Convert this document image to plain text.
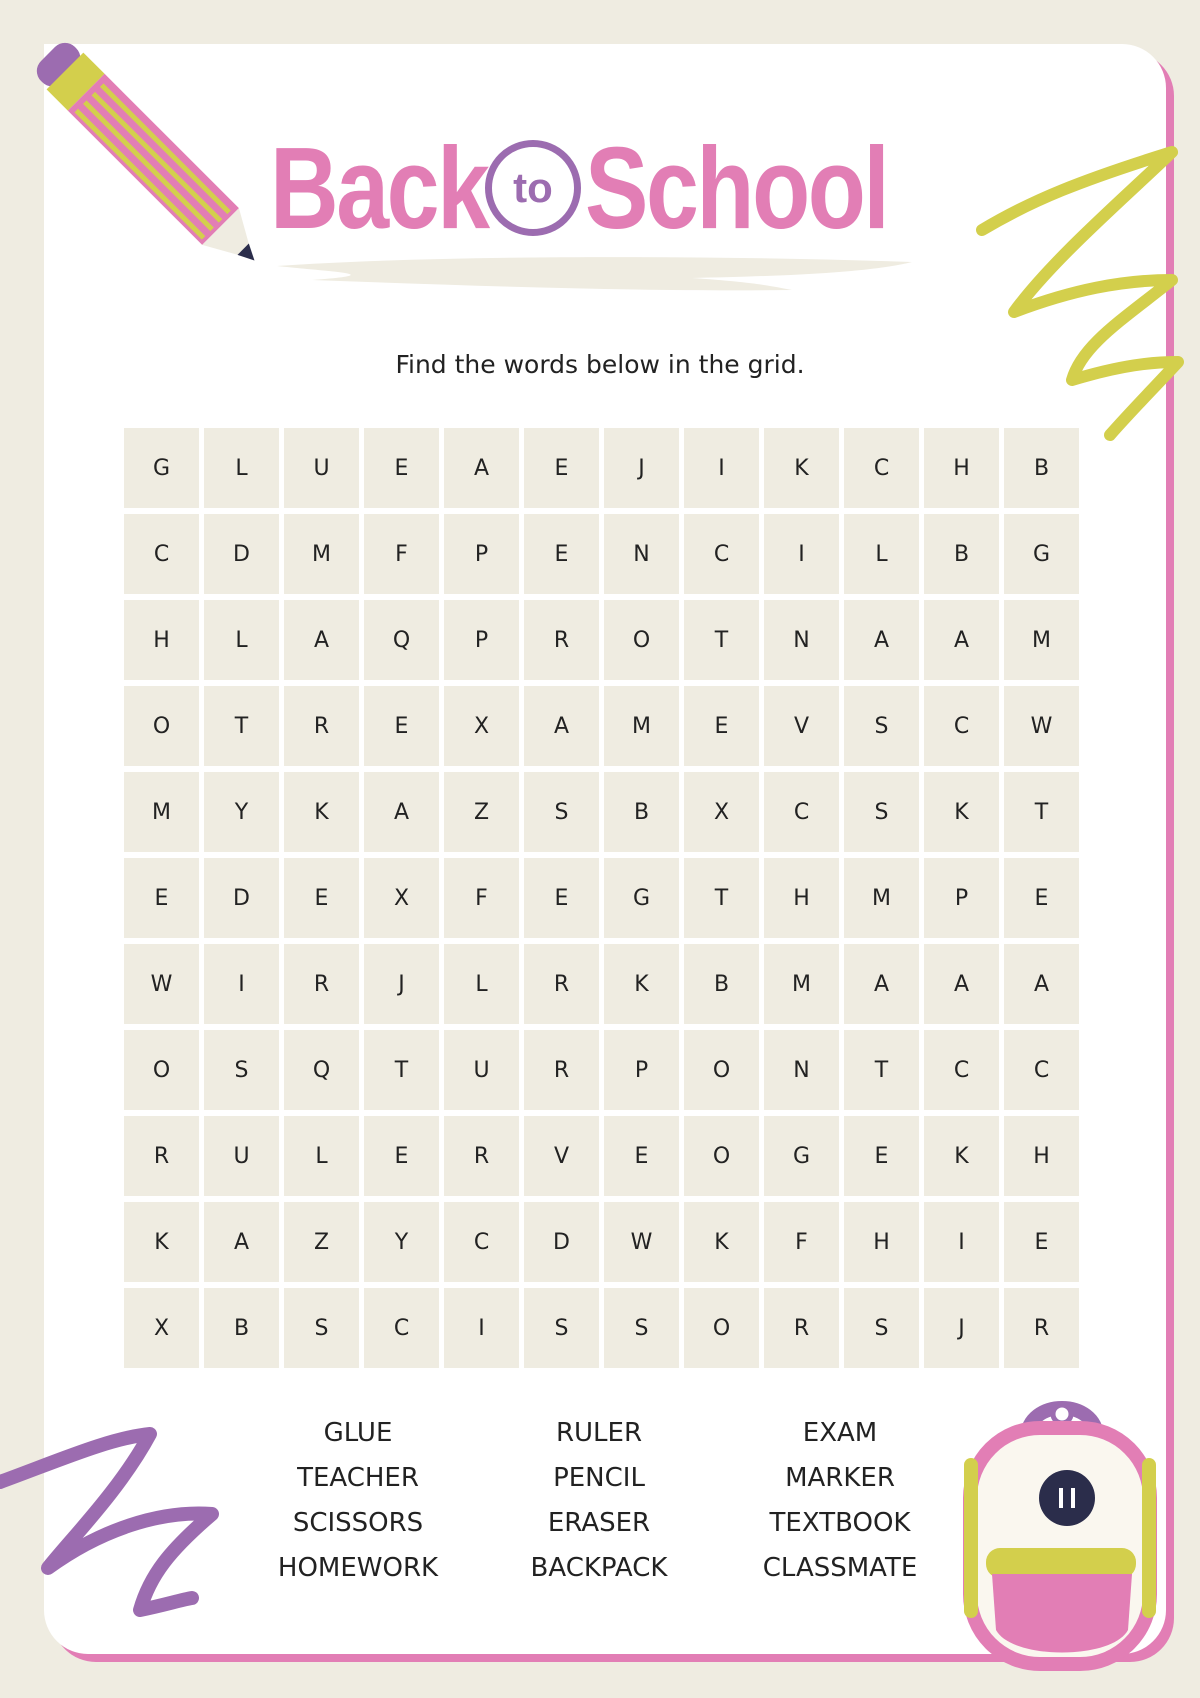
Back to School
Find the words below in the grid.
G	L	U	E	A	E	J	I	K	C	H	B
C	D	M	F	P	E	N	C	I	L	B	G
H	L	A	Q	P	R	O	T	N	A	A	M
O	T	R	E	X	A	M	E	V	S	C	W
M	Y	K	A	Z	S	B	X	C	S	K	T
E	D	E	X	F	E	G	T	H	M	P	E
W	I	R	J	L	R	K	B	M	A	A	A
O	S	Q	T	U	R	P	O	N	T	C	C
R	U	L	E	R	V	E	O	G	E	K	H
K	A	Z	Y	C	D	W	K	F	H	I	E
X	B	S	C	I	S	S	O	R	S	J	R
GLUE
TEACHER
SCISSORS
HOMEWORK
RULER
PENCIL
ERASER
BACKPACK
EXAM
MARKER
TEXTBOOK
CLASSMATE
